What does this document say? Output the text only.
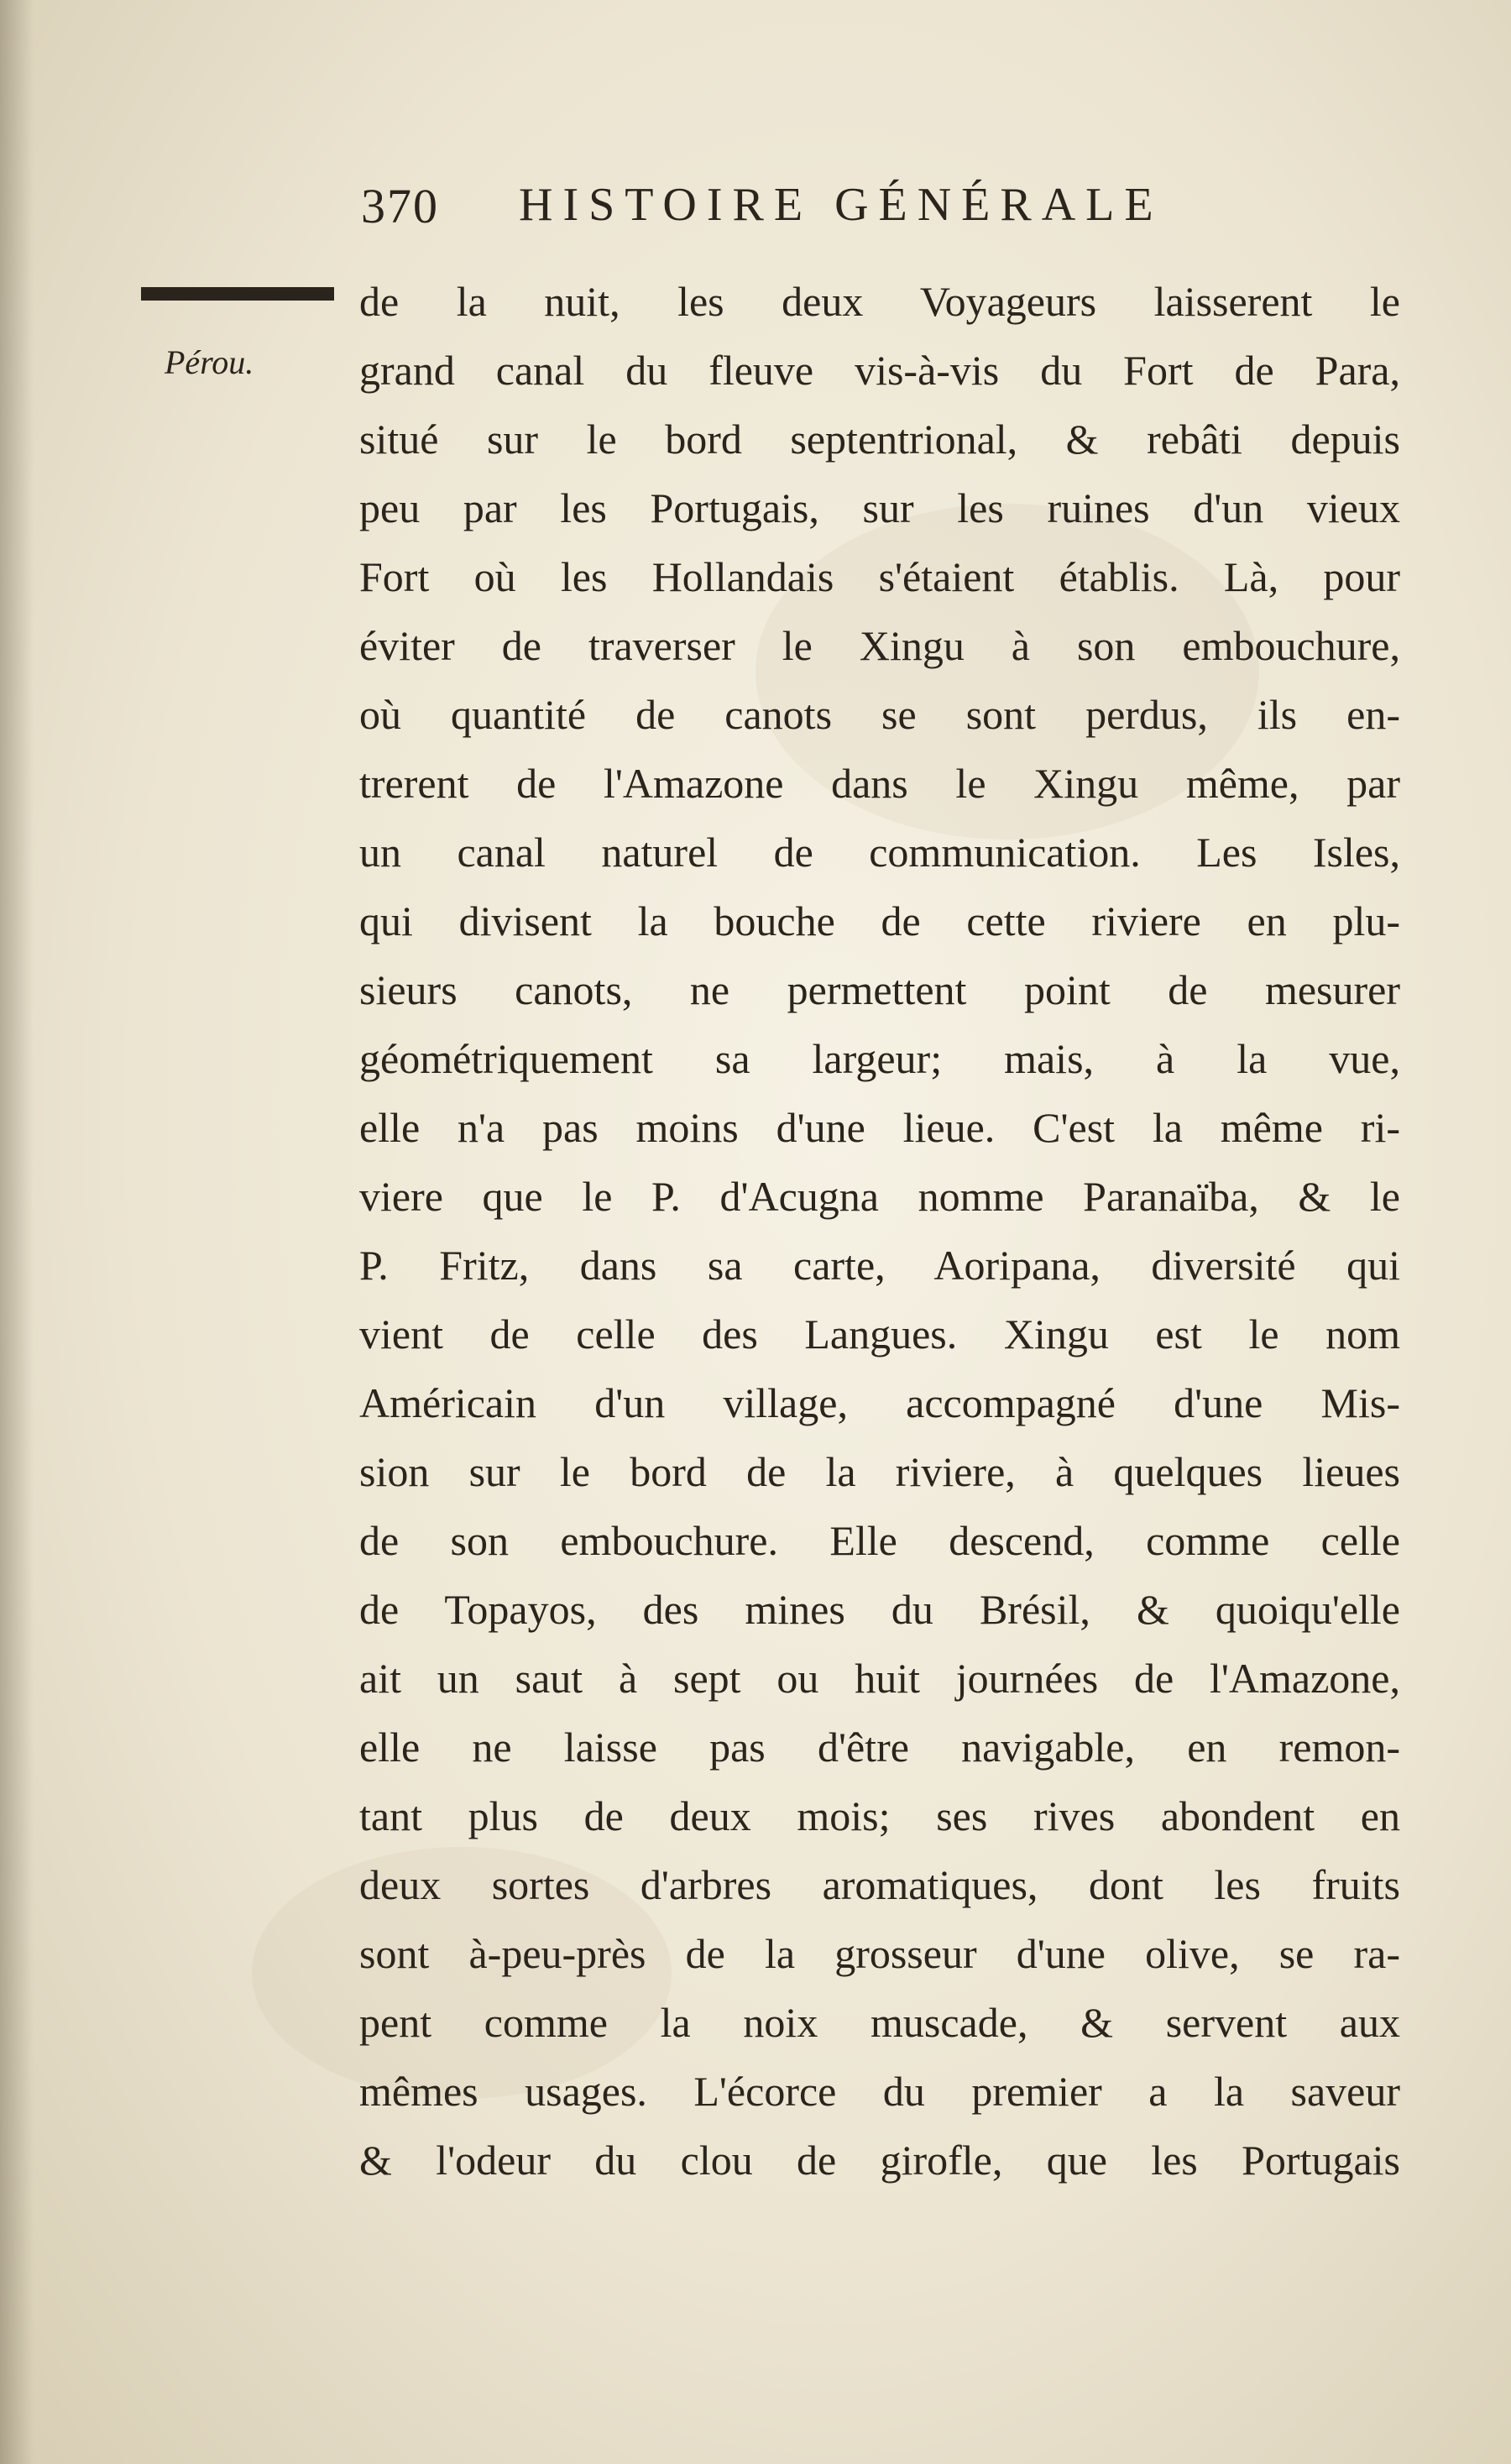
370 HISTOIRE GÉNÉRALE
Pérou.
de la nuit, les deux Voyageurs laisserent le
grand canal du fleuve vis-à-vis du Fort de Para,
situé sur le bord septentrional, & rebâti depuis
peu par les Portugais, sur les ruines d'un vieux
Fort où les Hollandais s'étaient établis. Là, pour
éviter de traverser le Xingu à son embouchure,
où quantité de canots se sont perdus, ils en-
trerent de l'Amazone dans le Xingu même, par
un canal naturel de communication. Les Isles,
qui divisent la bouche de cette riviere en plu-
sieurs canots, ne permettent point de mesurer
géométriquement sa largeur; mais, à la vue,
elle n'a pas moins d'une lieue. C'est la même ri-
viere que le P. d'Acugna nomme Paranaïba, & le
P. Fritz, dans sa carte, Aoripana, diversité qui
vient de celle des Langues. Xingu est le nom
Américain d'un village, accompagné d'une Mis-
sion sur le bord de la riviere, à quelques lieues
de son embouchure. Elle descend, comme celle
de Topayos, des mines du Brésil, & quoiqu'elle
ait un saut à sept ou huit journées de l'Amazone,
elle ne laisse pas d'être navigable, en remon-
tant plus de deux mois; ses rives abondent en
deux sortes d'arbres aromatiques, dont les fruits
sont à-peu-près de la grosseur d'une olive, se ra-
pent comme la noix muscade, & servent aux
mêmes usages. L'écorce du premier a la saveur
& l'odeur du clou de girofle, que les Portugais
